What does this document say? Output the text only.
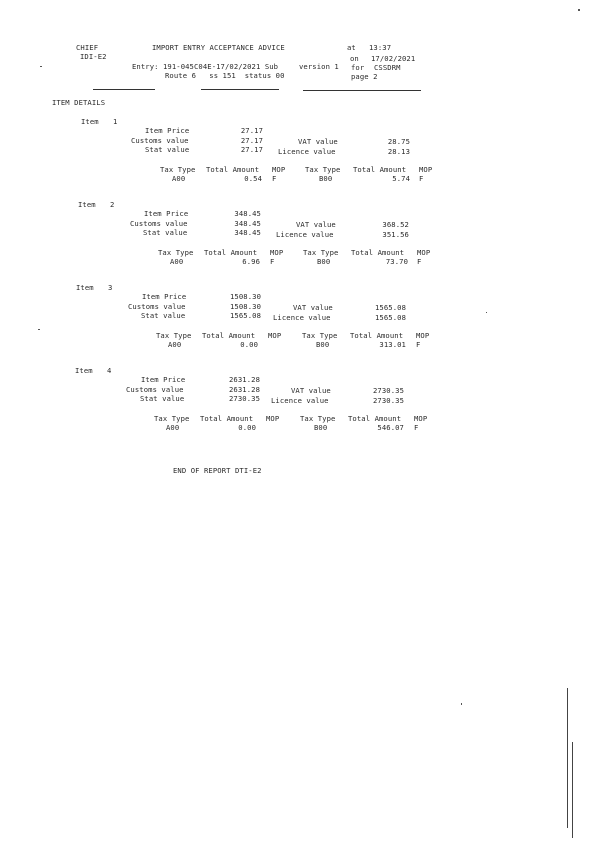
CHIEF
IDI-E2
IMPORT ENTRY ACCEPTANCE ADVICE	at 13:37
on 17/02/2021
Entry: 191-045C04E-17/02/2021 Sub	version 1 for CSSDRM
Route 6   ss 151  status 00	page 2
ITEM DETAILS
Item 1
Item Price	27.17
Customs value	27.17
Stat value	27.17
VAT value	28.75
Licence value	28.13
Tax Type Total Amount MOP	Tax Type Total Amount MOP
A00	0.54 F	B00	5.74 F
Item 2
Item Price	348.45
Customs value	348.45
Stat value	348.45
VAT value	368.52
Licence value	351.56
Tax Type Total Amount MOP	Tax Type Total Amount MOP
A00	6.96 F	B00	73.70 F
Item 3
Item Price	1508.30
Customs value	1508.30
Stat value	1565.08
VAT value	1565.08
Licence value	1565.08
Tax Type Total Amount MOP	Tax Type Total Amount MOP
A00	0.00	B00	313.01 F
Item 4
Item Price	2631.28
Customs value	2631.28
Stat value	2730.35
VAT value	2730.35
Licence value	2730.35
Tax Type Total Amount MOP	Tax Type Total Amount MOP
A00	0.00	B00	546.07 F
END OF REPORT DTI-E2
